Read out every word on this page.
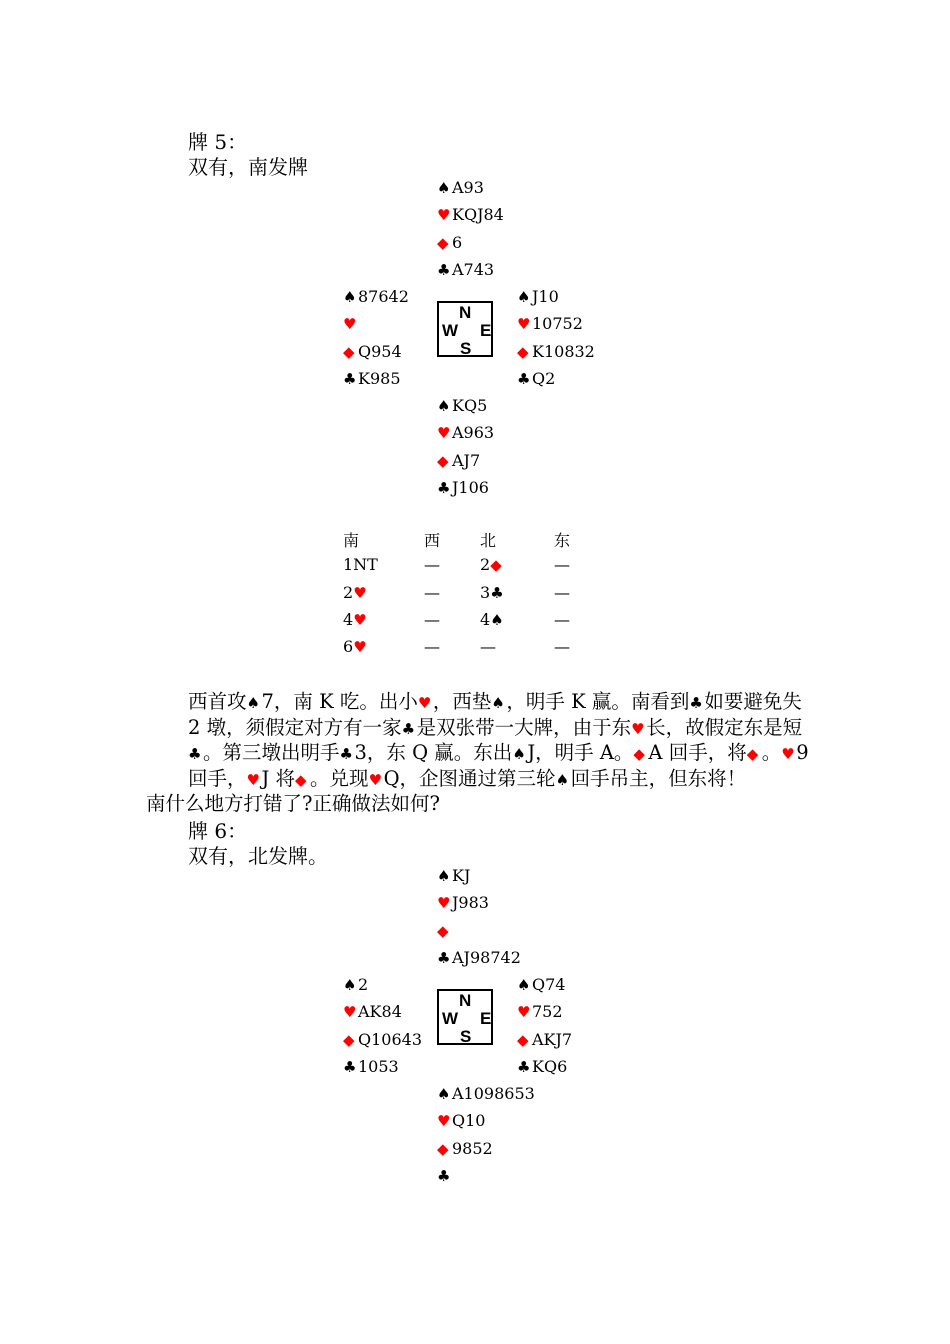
牌 5：
双有，南发牌
♠A93
♥KQJ84
◆ 6
♣A743
♠87642
♥
◆ Q954
♣K985
N
W E
S
♠J10
♥10752
◆ K10832
♣Q2
♠KQ5
♥A963
◆ AJ7
♣J106
南	西 北	东
1NT	—	2◆	—
2♥	—	3♣	—
4♥	—	4♠	—
6♥	—	—	—

西首攻♠7，南 K 吃。出小♥，西垫♠，明手 K 赢。南看到♣如要避免失 2 墩，须假定对方有一家♣是双张带一大牌，由于东♥长，故假定东是短♣。第三墩出明手♣3，东 Q 赢。东出♠J，明手 A。◆ A 回手，将◆ 。♥9 回手，♥J 将◆ 。兑现♥Q，企图通过第三轮♠回手吊主，但东将！

南什么地方打错了?正确做法如何?

牌 6：
双有，北发牌。
♠KJ
♥J983
◆
♣AJ98742
♠2
♥AK84
◆ Q10643
♣1053
N
W E
S
♠Q74
♥752
◆ AKJ7
♣KQ6
♠A1098653
♥Q10
◆ 9852
♣
